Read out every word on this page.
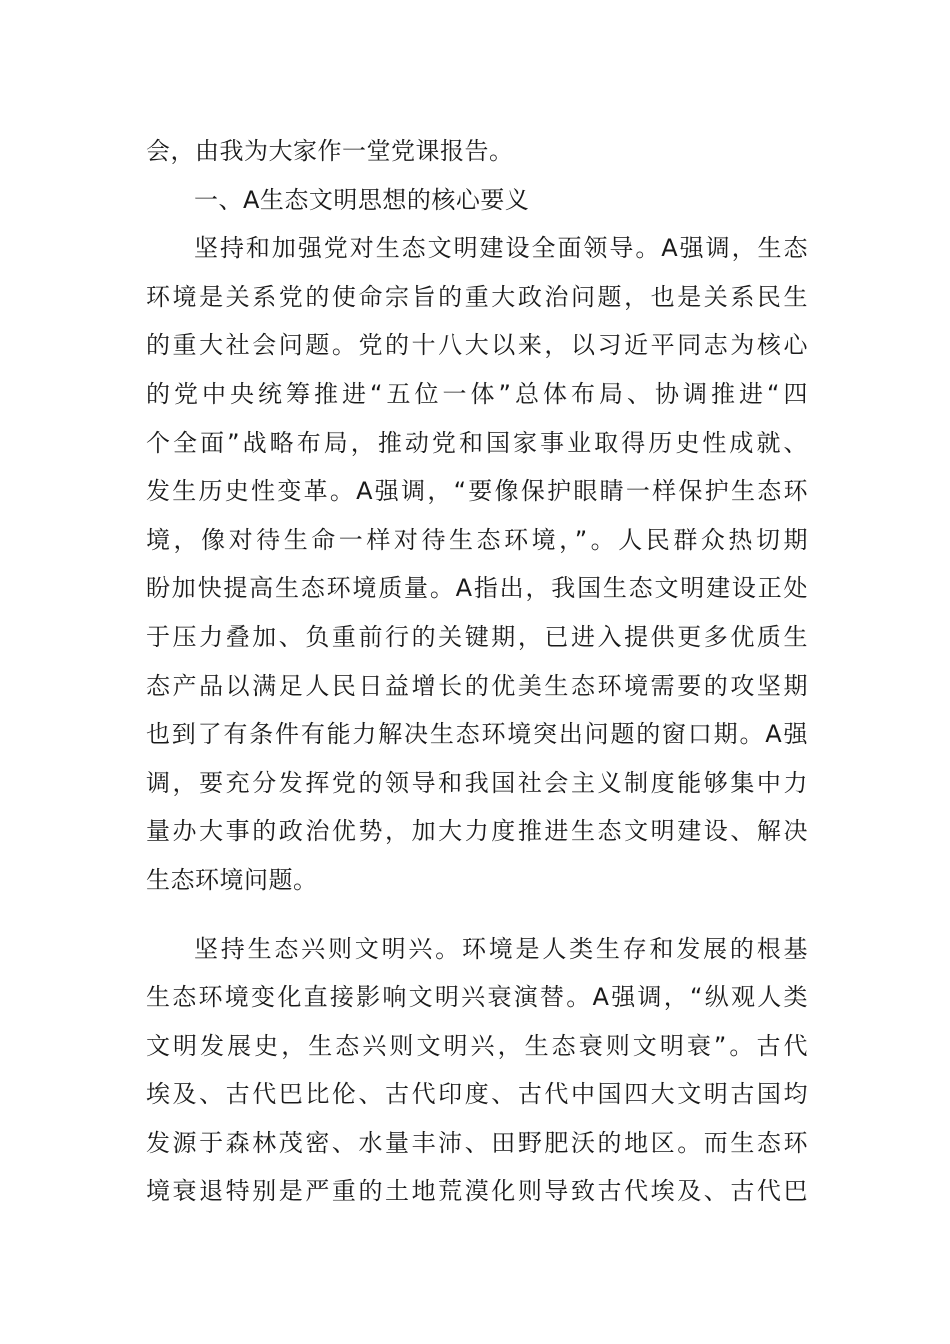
会，由我为大家作一堂党课报告。
一、A生态文明思想的核心要义
坚持和加强党对生态文明建设全面领导。A强调，生态
环境是关系党的使命宗旨的重大政治问题，也是关系民生
的重大社会问题。党的十八大以来，以习近平同志为核心
的党中央统筹推进“五位一体”总体布局、协调推进“四
个全面”战略布局，推动党和国家事业取得历史性成就、
发生历史性变革。A强调，“要像保护眼睛一样保护生态环
境，像对待生命一样对待生态环境，”。人民群众热切期
盼加快提高生态环境质量。A指出，我国生态文明建设正处
于压力叠加、负重前行的关键期，已进入提供更多优质生
态产品以满足人民日益增长的优美生态环境需要的攻坚期
也到了有条件有能力解决生态环境突出问题的窗口期。A强
调，要充分发挥党的领导和我国社会主义制度能够集中力
量办大事的政治优势，加大力度推进生态文明建设、解决
生态环境问题。
坚持生态兴则文明兴。环境是人类生存和发展的根基
生态环境变化直接影响文明兴衰演替。A强调，“纵观人类
文明发展史，生态兴则文明兴，生态衰则文明衰”。古代
埃及、古代巴比伦、古代印度、古代中国四大文明古国均
发源于森林茂密、水量丰沛、田野肥沃的地区。而生态环
境衰退特别是严重的土地荒漠化则导致古代埃及、古代巴
